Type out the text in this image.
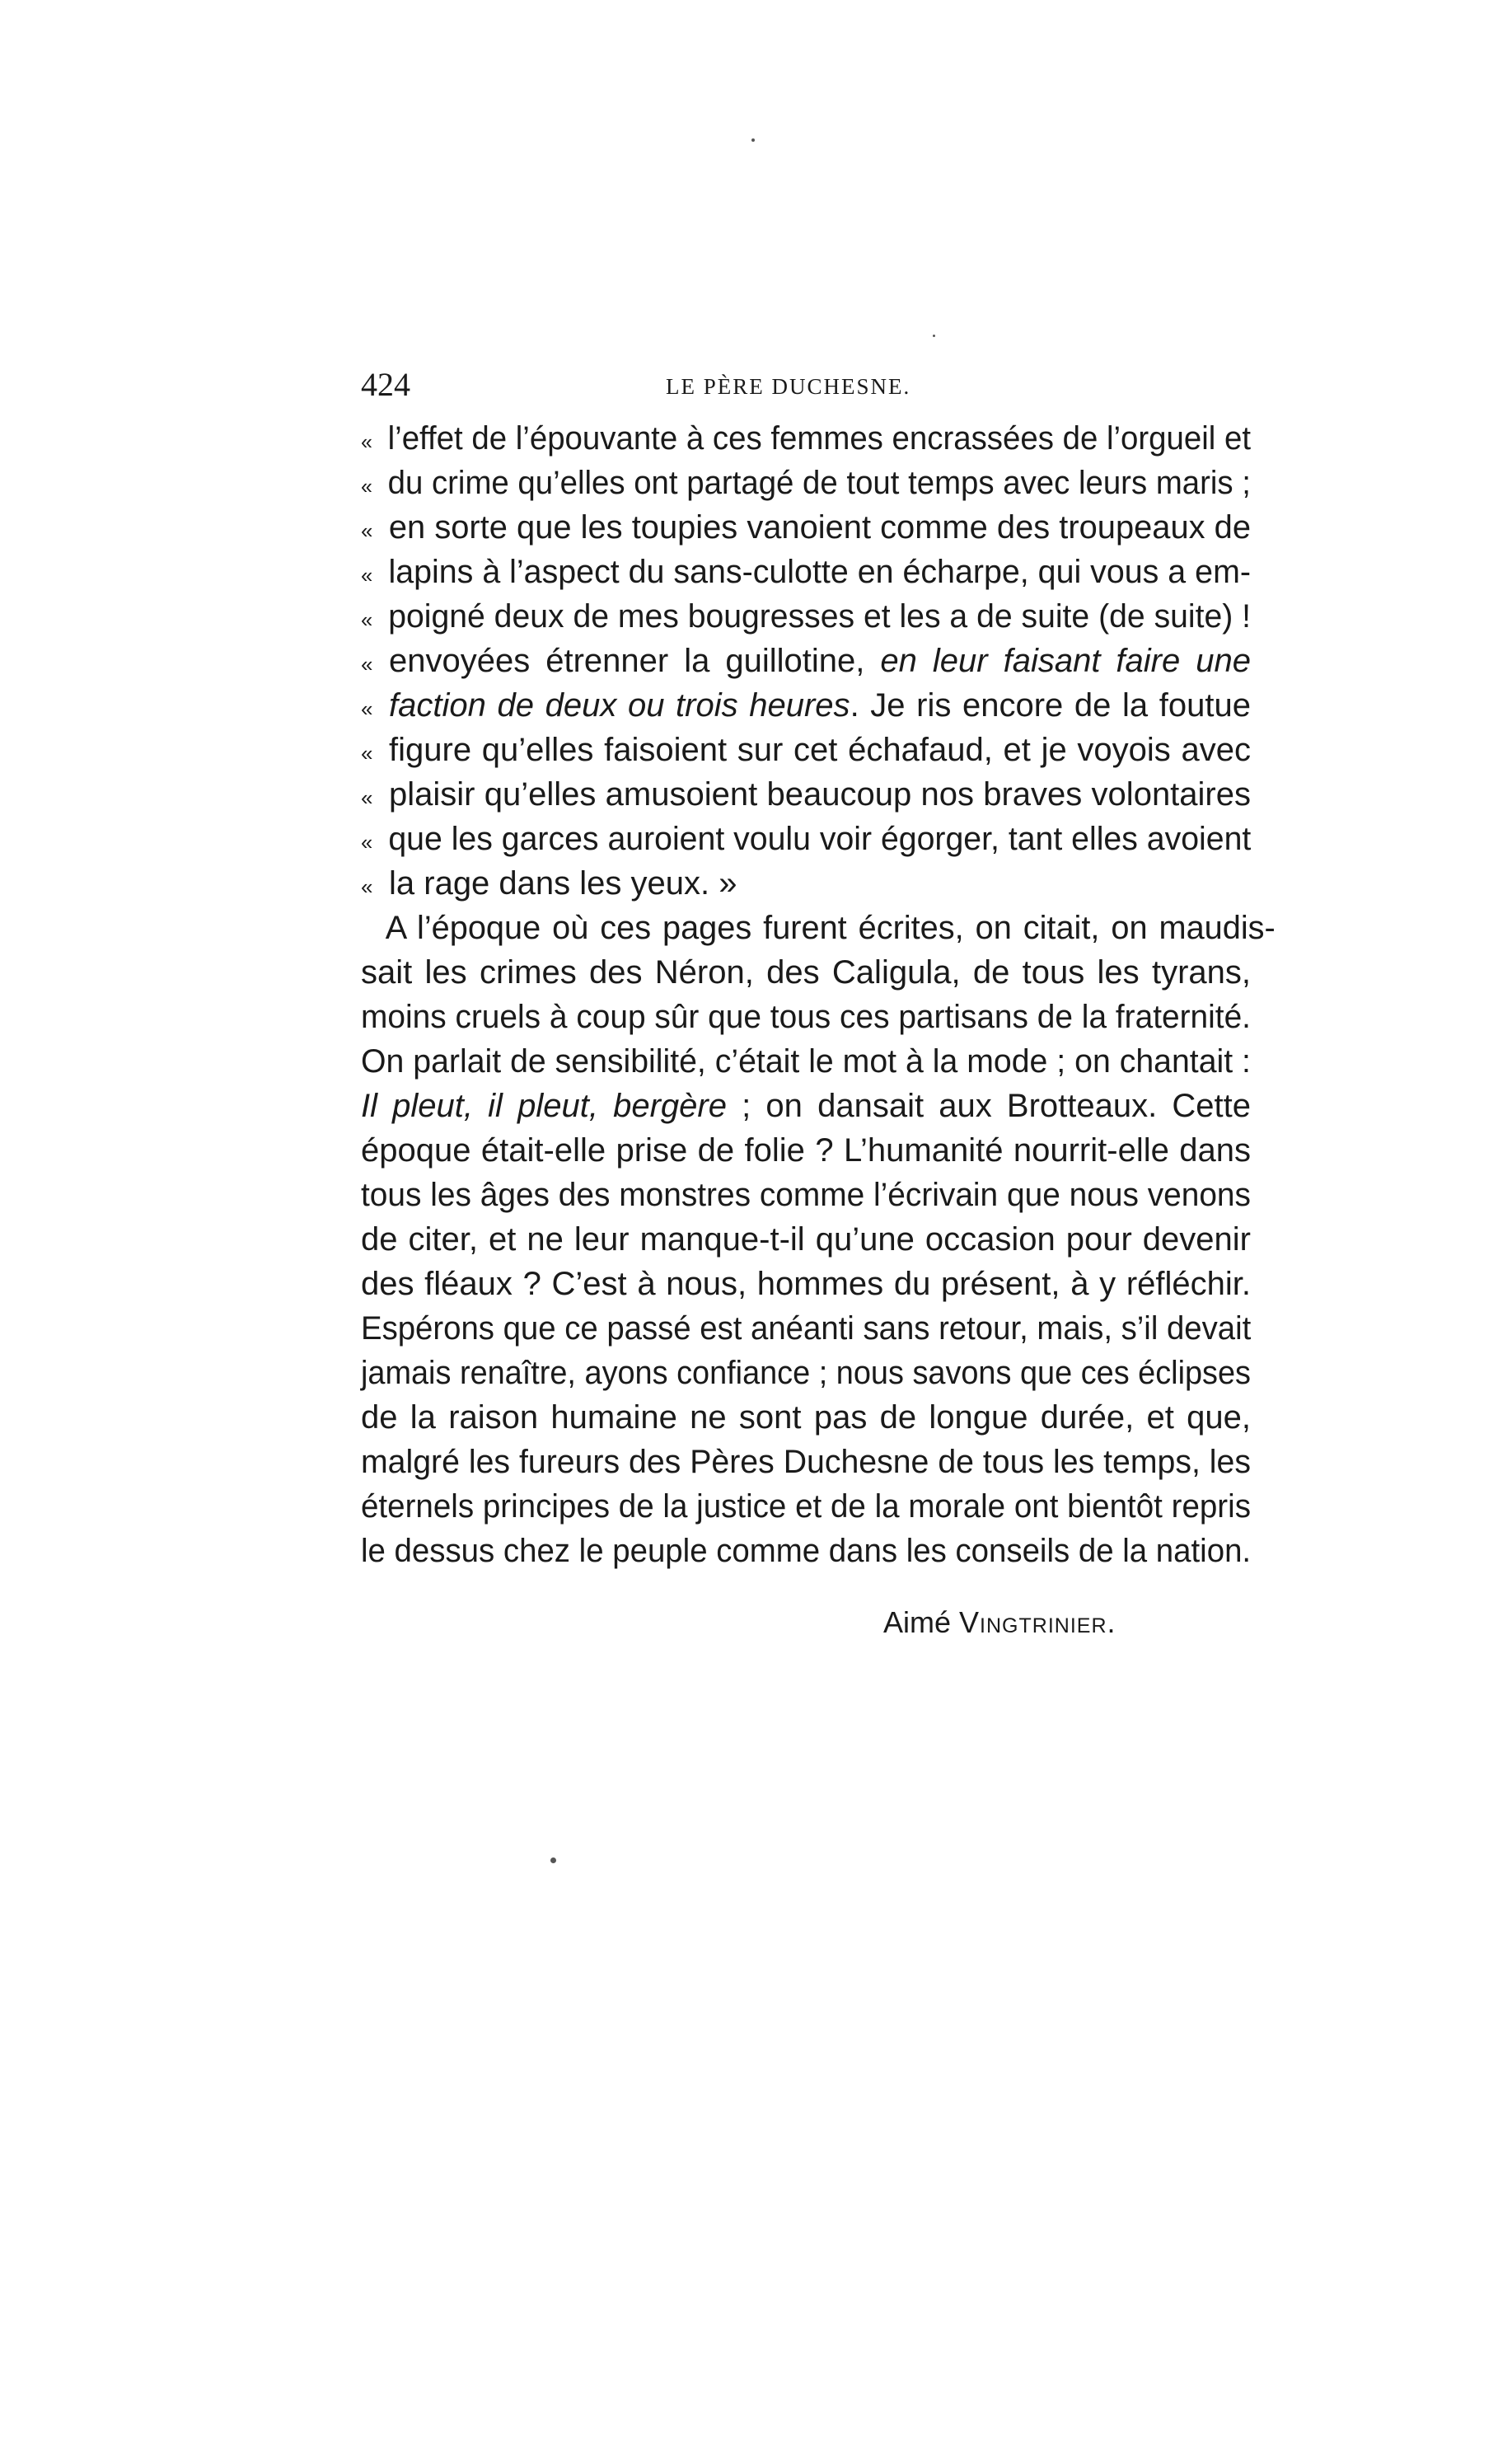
424	LE PÈRE DUCHESNE.
« l’effet de l’épouvante à ces femmes encrassées de l’orgueil et
« du crime qu’elles ont partagé de tout temps avec leurs maris ;
« en sorte que les toupies vanoient comme des troupeaux de
« lapins à l’aspect du sans-culotte en écharpe, qui vous a em-
« poigné deux de mes bougresses et les a de suite (de suite) !
« envoyées étrenner la guillotine, en leur faisant faire une
« faction de deux ou trois heures. Je ris encore de la foutue
« figure qu’elles faisoient sur cet échafaud, et je voyois avec
« plaisir qu’elles amusoient beaucoup nos braves volontaires
« que les garces auroient voulu voir égorger, tant elles avoient
« la rage dans les yeux. »
A l’époque où ces pages furent écrites, on citait, on maudis-
sait les crimes des Néron, des Caligula, de tous les tyrans,
moins cruels à coup sûr que tous ces partisans de la fraternité.
On parlait de sensibilité, c’était le mot à la mode ; on chantait :
Il pleut, il pleut, bergère ; on dansait aux Brotteaux. Cette
époque était-elle prise de folie ? L’humanité nourrit-elle dans
tous les âges des monstres comme l’écrivain que nous venons
de citer, et ne leur manque-t-il qu’une occasion pour devenir
des fléaux ? C’est à nous, hommes du présent, à y réfléchir.
Espérons que ce passé est anéanti sans retour, mais, s’il devait
jamais renaître, ayons confiance ; nous savons que ces éclipses
de la raison humaine ne sont pas de longue durée, et que,
malgré les fureurs des Pères Duchesne de tous les temps, les
éternels principes de la justice et de la morale ont bientôt repris
le dessus chez le peuple comme dans les conseils de la nation.
Aimé Vingtrinier.
